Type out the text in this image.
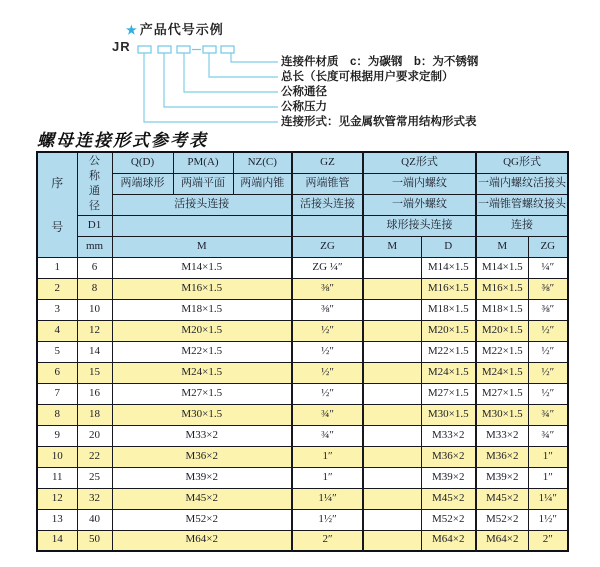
★ 产品代号示例
JR
连接件材质　c：为碳钢　b：为不锈钢
总长（长度可根据用户要求定制）
公称通径
公称压力
连接形式：见金属软管常用结构形式表
螺母连接形式参考表
序号	公称通径	Q(D)	PM(A)	NZ(C)	GZ	QZ形式		QG形式	
		两端球形	两端平面	两端内锥	两端锥管	一端内螺纹		一端内螺纹活接头	
		活接头连接			活接头连接	一端外螺纹		一端锥管螺纹接头	
	D1					球形接头连接		连接	
	mm	M			ZG	M	D	M	ZG
1	6	M14×1.5			ZG ¼″		M14×1.5	M14×1.5	¼″
2	8	M16×1.5			⅜″		M16×1.5	M16×1.5	⅜″
3	10	M18×1.5			⅜″		M18×1.5	M18×1.5	⅜″
4	12	M20×1.5			½″		M20×1.5	M20×1.5	½″
5	14	M22×1.5			½″		M22×1.5	M22×1.5	½″
6	15	M24×1.5			½″		M24×1.5	M24×1.5	½″
7	16	M27×1.5			½″		M27×1.5	M27×1.5	½″
8	18	M30×1.5			¾″		M30×1.5	M30×1.5	¾″
9	20	M33×2			¾″		M33×2	M33×2	¾″
10	22	M36×2			1″		M36×2	M36×2	1″
11	25	M39×2			1″		M39×2	M39×2	1″
12	32	M45×2			1¼″		M45×2	M45×2	1¼″
13	40	M52×2			1½″		M52×2	M52×2	1½″
14	50	M64×2			2″		M64×2	M64×2	2″
